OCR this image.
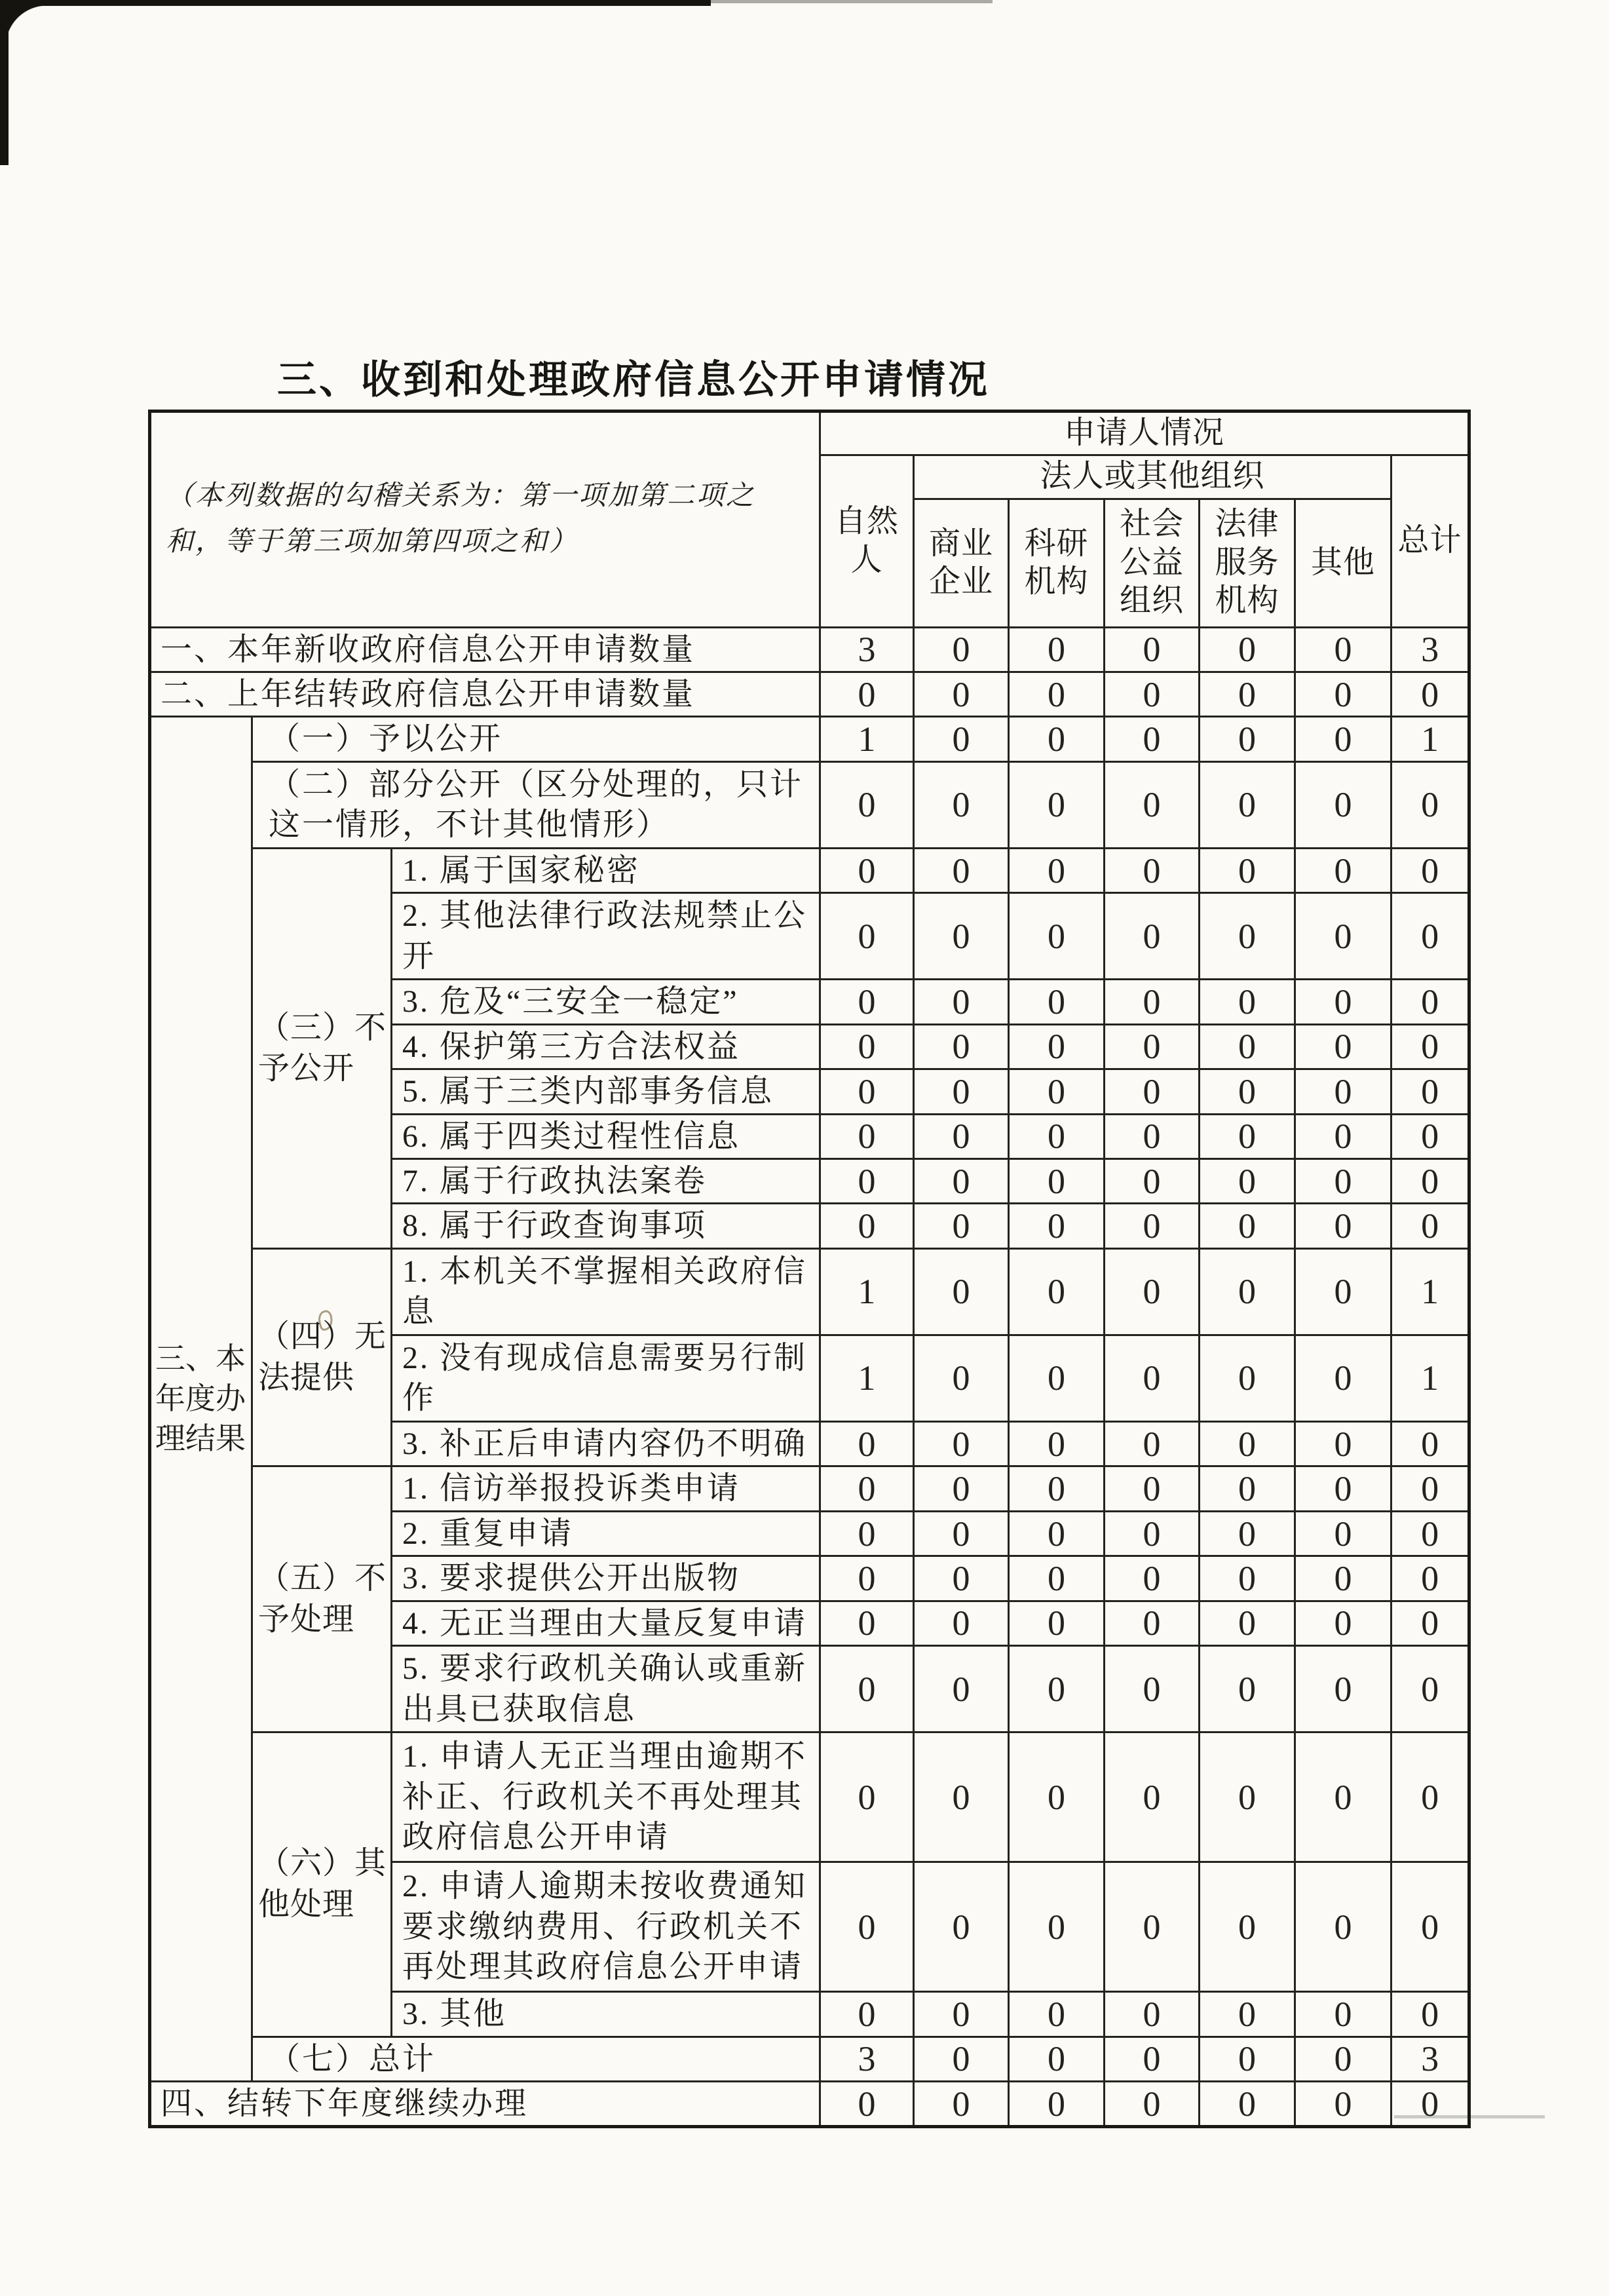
三、收到和处理政府信息公开申请情况
（本列数据的勾稽关系为：第一项加第二项之和，等于第三项加第四项之和）			申请人情况						
			自然人	法人或其他组织					总计
				商业企业	科研机构	社会公益组织	法律服务机构	其他	
一、本年新收政府信息公开申请数量			3	0	0	0	0	0	3
二、上年结转政府信息公开申请数量			0	0	0	0	0	0	0
三、本年度办理结果	（一）予以公开		1	0	0	0	0	0	1
	（二）部分公开（区分处理的，只计这一情形，不计其他情形）		0	0	0	0	0	0	0
	（三）不予公开	1. 属于国家秘密	0	0	0	0	0	0	0
		2. 其他法律行政法规禁止公开	0	0	0	0	0	0	0
		3. 危及“三安全一稳定”	0	0	0	0	0	0	0
		4. 保护第三方合法权益	0	0	0	0	0	0	0
		5. 属于三类内部事务信息	0	0	0	0	0	0	0
		6. 属于四类过程性信息	0	0	0	0	0	0	0
		7. 属于行政执法案卷	0	0	0	0	0	0	0
		8. 属于行政查询事项	0	0	0	0	0	0	0
	（四）无法提供	1. 本机关不掌握相关政府信息	1	0	0	0	0	0	1
		2. 没有现成信息需要另行制作	1	0	0	0	0	0	1
		3. 补正后申请内容仍不明确	0	0	0	0	0	0	0
	（五）不予处理	1. 信访举报投诉类申请	0	0	0	0	0	0	0
		2. 重复申请	0	0	0	0	0	0	0
		3. 要求提供公开出版物	0	0	0	0	0	0	0
		4. 无正当理由大量反复申请	0	0	0	0	0	0	0
		5. 要求行政机关确认或重新出具已获取信息	0	0	0	0	0	0	0
	（六）其他处理	1. 申请人无正当理由逾期不补正、行政机关不再处理其政府信息公开申请	0	0	0	0	0	0	0
		2. 申请人逾期未按收费通知要求缴纳费用、行政机关不再处理其政府信息公开申请	0	0	0	0	0	0	0
		3. 其他	0	0	0	0	0	0	0
	（七）总计		3	0	0	0	0	0	3
四、结转下年度继续办理			0	0	0	0	0	0	0
